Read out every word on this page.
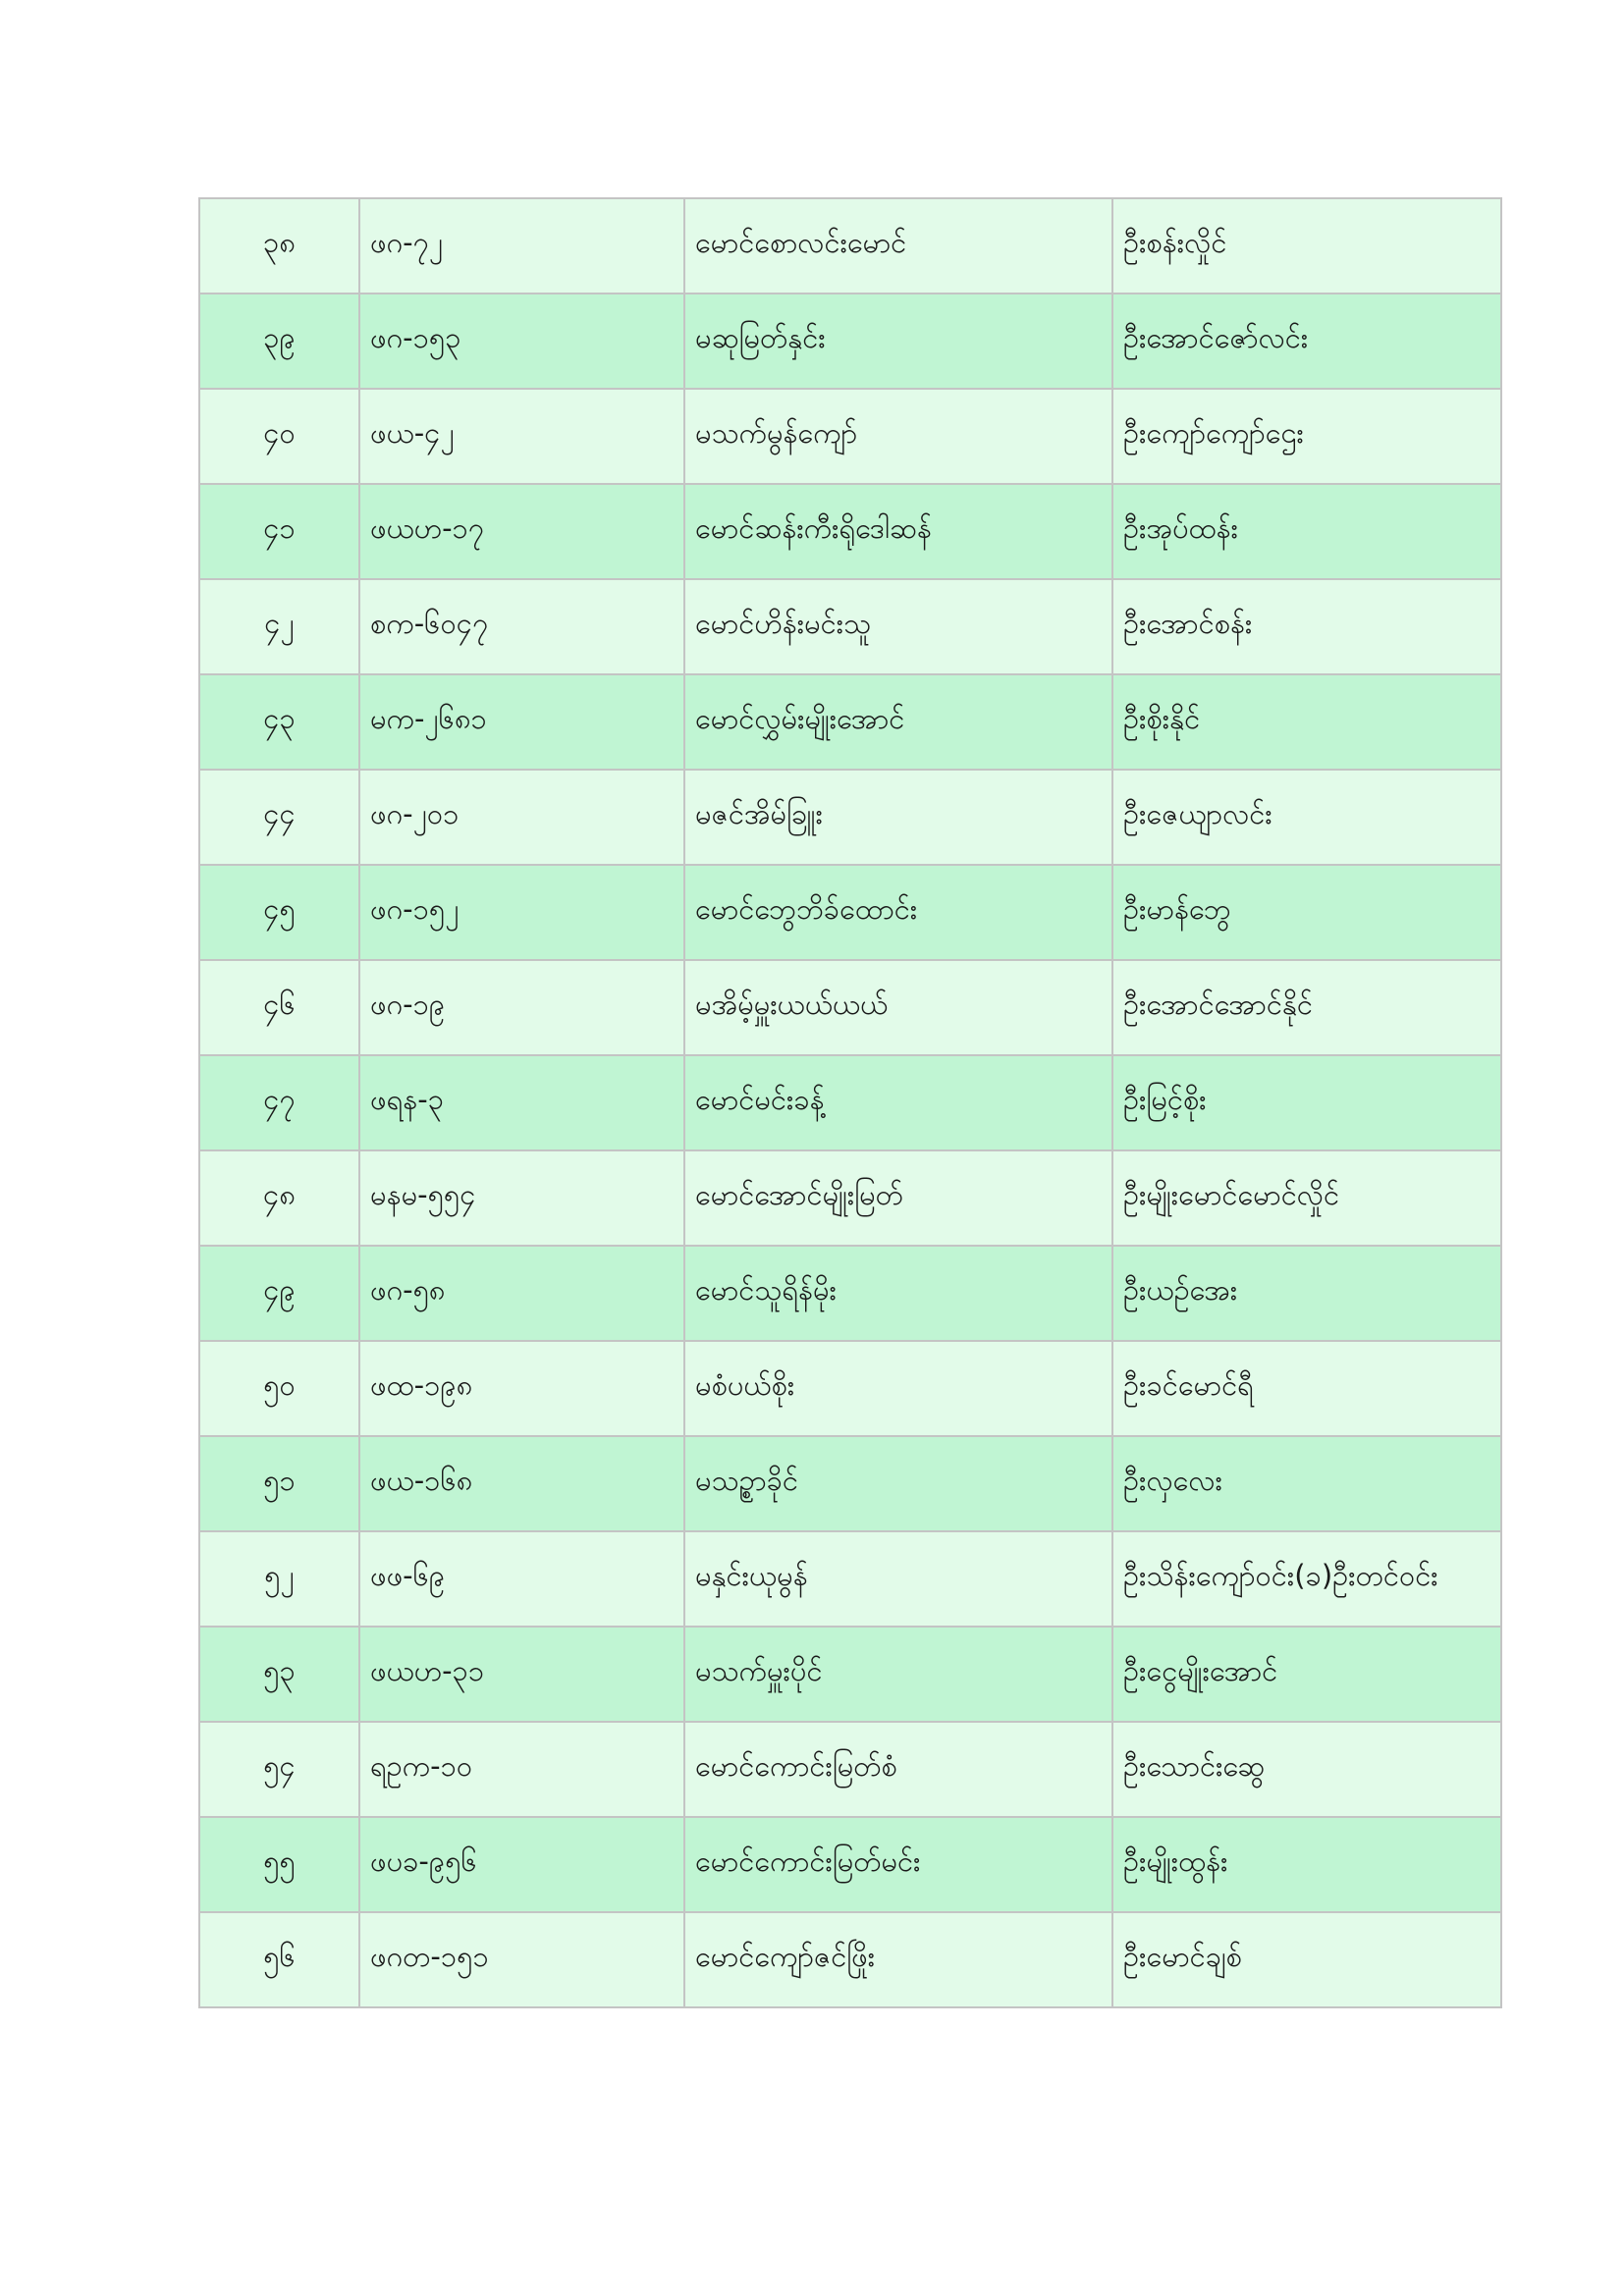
၃၈	ဖဂ-၇၂	မောင်စောလင်းမောင်	ဦးစန်းလှိုင်
၃၉	ဖဂ-၁၅၃	မဆုမြတ်နှင်း	ဦးအောင်ဇော်လင်း
၄၀	ဖယ-၄၂	မသက်မွန်ကျော်	ဦးကျော်ကျော်ဌေး
၄၁	ဖယဟ-၁၇	မောင်ဆန်းကီးရိုဒေါဆန်	ဦးအုပ်ထန်း
၄၂	စက-၆၀၄၇	မောင်ဟိန်းမင်းသူ	ဦးအောင်စန်း
၄၃	မက-၂၆၈၁	မောင်လွှမ်းမျိုးအောင်	ဦးစိုးနိုင်
၄၄	ဖဂ-၂၀၁	မဇင်အိမ်ခြူး	ဦးဇေယျာလင်း
၄၅	ဖဂ-၁၅၂	မောင်ဘွေဘိခ်ထောင်း	ဦးမာန်ဘွေ
၄၆	ဖဂ-၁၉	မအိမ့်မှူးယယ်ယယ်	ဦးအောင်အောင်နိုင်
၄၇	ဖရန-၃	မောင်မင်းခန့်	ဦးမြင့်စိုး
၄၈	မနမ-၅၅၄	မောင်အောင်မျိုးမြတ်	ဦးမျိုးမောင်မောင်လှိုင်
၄၉	ဖဂ-၅၈	မောင်သူရိန်မိုး	ဦးယဉ်အေး
၅၀	ဖထ-၁၉၈	မစံပယ်စိုး	ဦးခင်မောင်ရီ
၅၁	ဖယ-၁၆၈	မသဥ္စာခိုင်	ဦးလှလေး
၅၂	ဖဖ-၆၉	မနှင်းယုမွန်	ဦးသိန်းကျော်ဝင်း(ခ)ဦးတင်ဝင်း
၅၃	ဖယဟ-၃၁	မသက်မှူးပိုင်	ဦးငွေမျိုးအောင်
၅၄	ရဥက-၁၀	မောင်ကောင်းမြတ်စံ	ဦးသောင်းဆွေ
၅၅	ဖပခ-၉၅၆	မောင်ကောင်းမြတ်မင်း	ဦးမျိုးထွန်း
၅၆	ဖဂတ-၁၅၁	မောင်ကျော်ဇင်ဖြိုး	ဦးမောင်ချစ်
